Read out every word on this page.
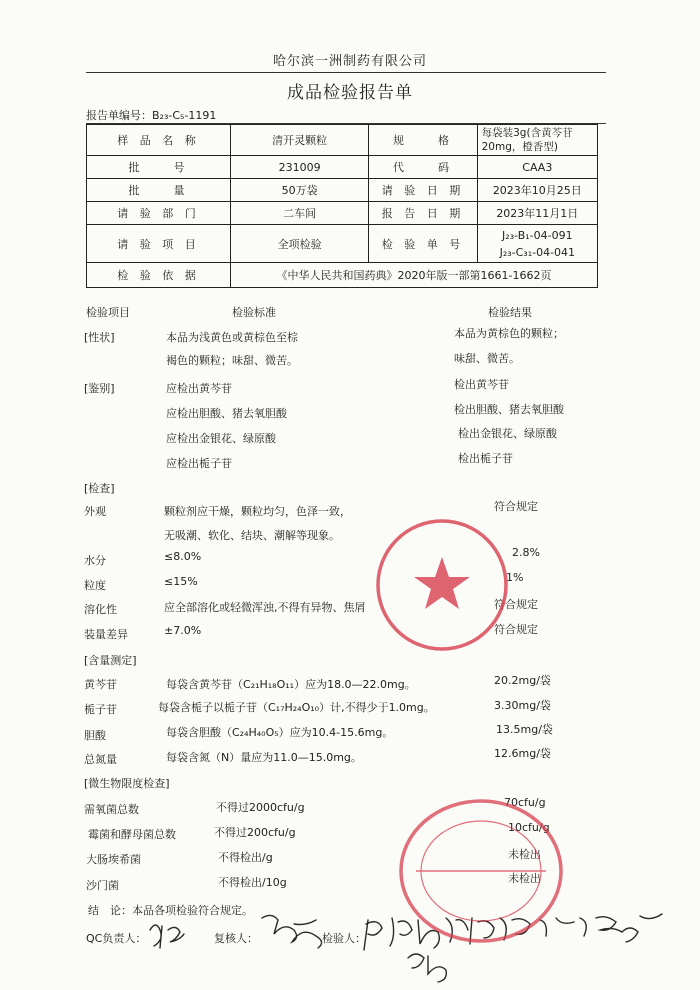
哈尔滨一洲制药有限公司
成品检验报告单
报告单编号：B₂₃-C₅-1191
样 品 名 称	清开灵颗粒	规　　格	每袋装3g(含黄芩苷20mg，橙香型)
批　　号	231009	代　　码	CAA3
批　　量	50万袋	请 验 日 期	2023年10月25日
请 验 部 门	二车间	报 告 日 期	2023年11月1日
请 验 项 目	全项检验	检 验 单 号	J₂₃-B₁-04-091
J₂₃-C₃₁-04-041

检 验 依 据	《中华人民共和国药典》2020年版一部第1661-1662页		
检验项目	检验标准	检验结果
[性状]	本品为浅黄色或黄棕色至棕
褐色的颗粒；味甜、微苦。
本品为黄棕色的颗粒；
味甜、微苦。
[鉴别]	应检出黄芩苷	检出黄芩苷
应检出胆酸、猪去氧胆酸	检出胆酸、猪去氧胆酸
应检出金银花、绿原酸	检出金银花、绿原酸
应检出栀子苷	检出栀子苷
[检查]
外观	颗粒剂应干燥，颗粒均匀，色泽一致，
无吸潮、软化、结块、潮解等现象。
符合规定
水分	≤8.0%	2.8%
粒度	≤15%	1%
溶化性	应全部溶化或轻微浑浊,不得有异物、焦屑	符合规定
装量差异	±7.0%	符合规定
[含量测定]
黄芩苷	每袋含黄芩苷（C₂₁H₁₈O₁₁）应为18.0—22.0mg。	20.2mg/袋
栀子苷	每袋含栀子以栀子苷（C₁₇H₂₄O₁₀）计,不得少于1.0mg。	3.30mg/袋
胆酸	每袋含胆酸（C₂₄H₄₀O₅）应为10.4-15.6mg。	13.5mg/袋
总氮量	每袋含氮（N）量应为11.0—15.0mg。	12.6mg/袋
[微生物限度检查]
需氧菌总数	不得过2000cfu/g	70cfu/g
霉菌和酵母菌总数	不得过200cfu/g	10cfu/g
大肠埃希菌	不得检出/g	未检出
沙门菌	不得检出/10g	未检出
结　论：本品各项检验符合规定。
QC负责人：	复核人：	检验人：
